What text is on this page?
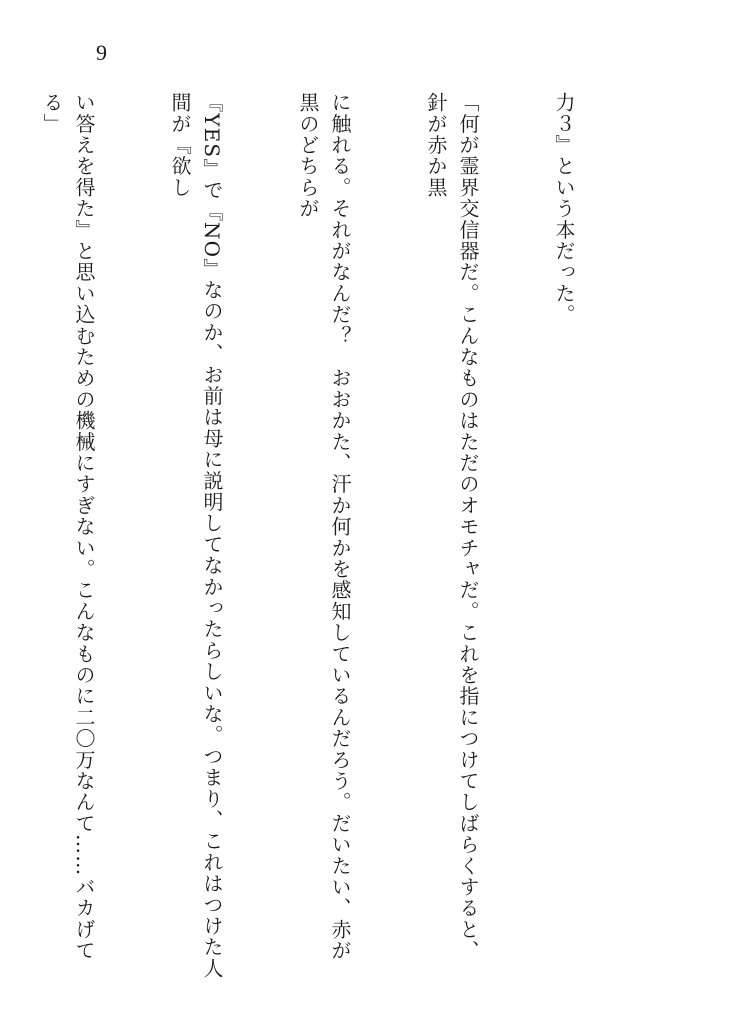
9

力３』という本だった。

「何が霊界交信器だ。こんなものはただのオモチャだ。これを指につけてしばらくすると、針が赤か黒

に触れる。それがなんだ？　おおかた、汗か何かを感知しているんだろう。だいたい、赤が黒のどちらが

『YES』で『NO』なのか、お前は母に説明してなかったらしいな。つまり、これはつけた人間が『欲し

い答えを得た』と思い込むための機械にすぎない。こんなものに二〇万なんて……バカげてる」
